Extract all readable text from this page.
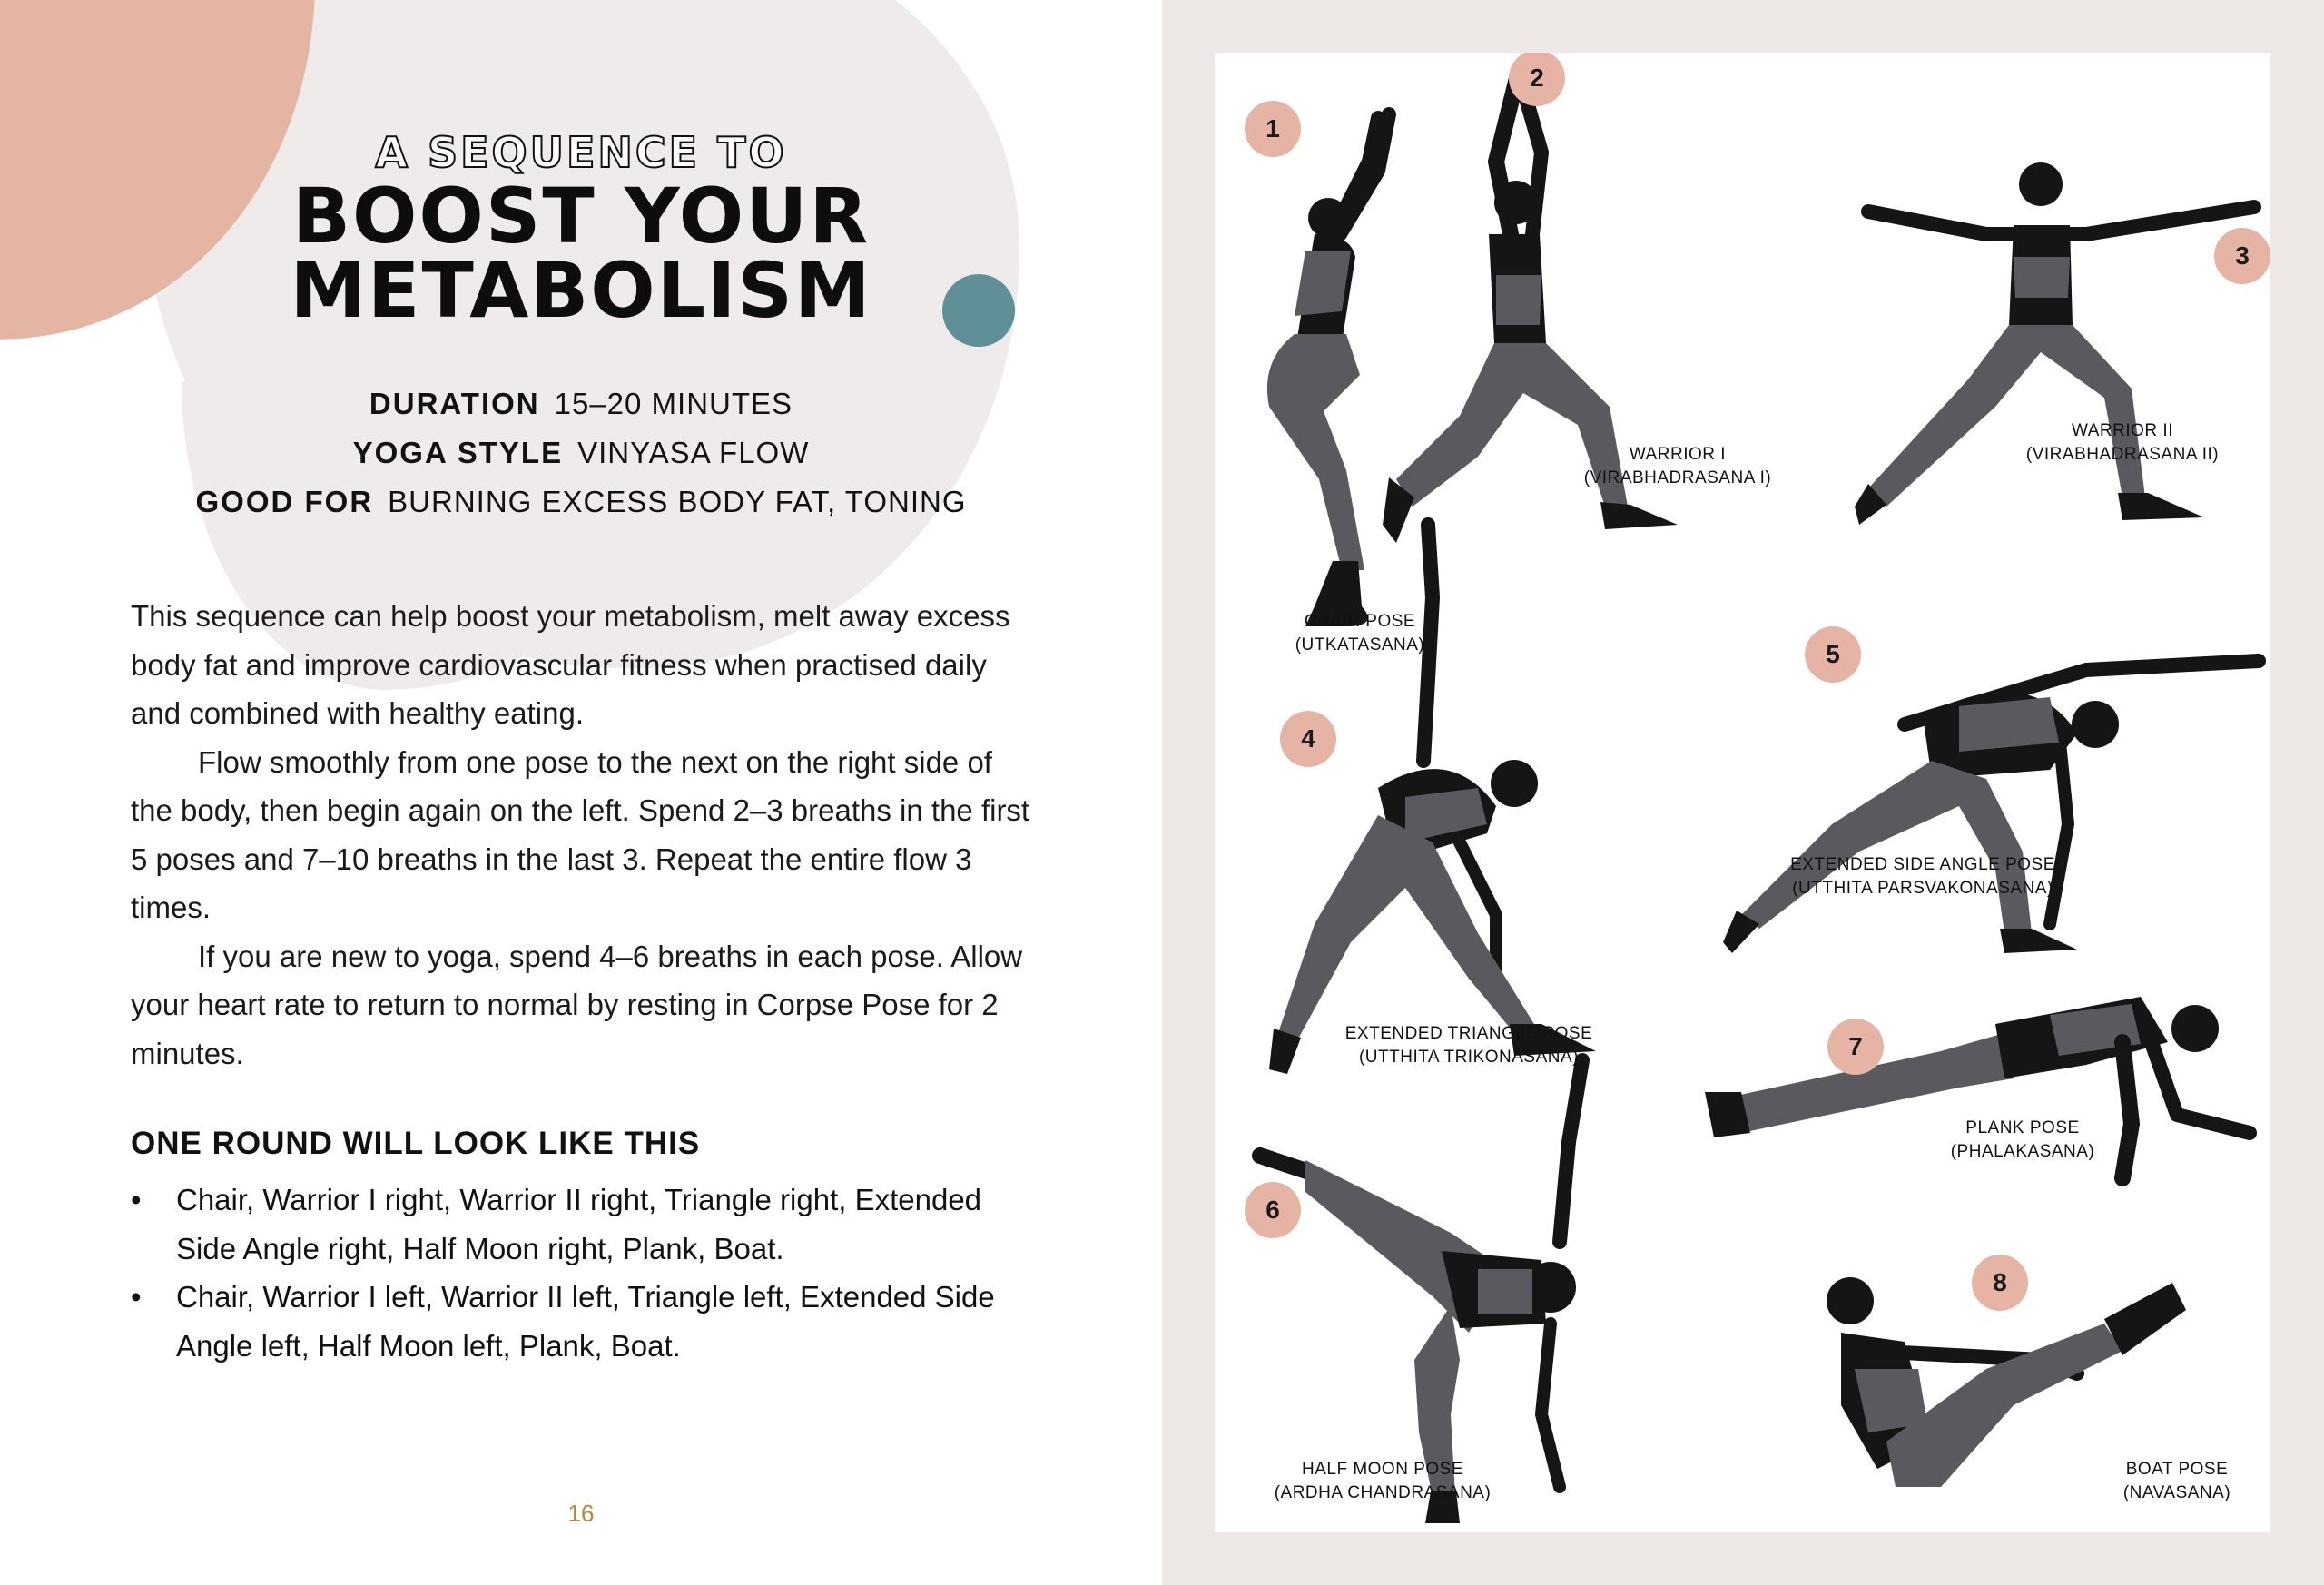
A SEQUENCE TO
BOOST YOUR
METABOLISM
DURATION 15–20 MINUTES
YOGA STYLE VINYASA FLOW
GOOD FOR BURNING EXCESS BODY FAT, TONING

This sequence can help boost your metabolism, melt away excess body fat and improve cardiovascular fitness when practised daily and combined with healthy eating.

Flow smoothly from one pose to the next on the right side of the body, then begin again on the left. Spend 2–3 breaths in the first 5 poses and 7–10 breaths in the last 3. Repeat the entire flow 3 times.

If you are new to yoga, spend 4–6 breaths in each pose. Allow your heart rate to return to normal by resting in Corpse Pose for 2 minutes.

ONE ROUND WILL LOOK LIKE THIS
• Chair, Warrior I right, Warrior II right, Triangle right, Extended Side Angle right, Half Moon right, Plank, Boat.
• Chair, Warrior I left, Warrior II left, Triangle left, Extended Side Angle left, Half Moon left, Plank, Boat.
16
1
2
3
4
5
6
7
8
CHAIR POSE
(UTKATASANA)
WARRIOR I
(VIRABHADRASANA I)
WARRIOR II
(VIRABHADRASANA II)
EXTENDED TRIANGLE POSE
(UTTHITA TRIKONASANA)
EXTENDED SIDE ANGLE POSE
(UTTHITA PARSVAKONASANA)
HALF MOON POSE
(ARDHA CHANDRASANA)
PLANK POSE
(PHALAKASANA)
BOAT POSE
(NAVASANA)
